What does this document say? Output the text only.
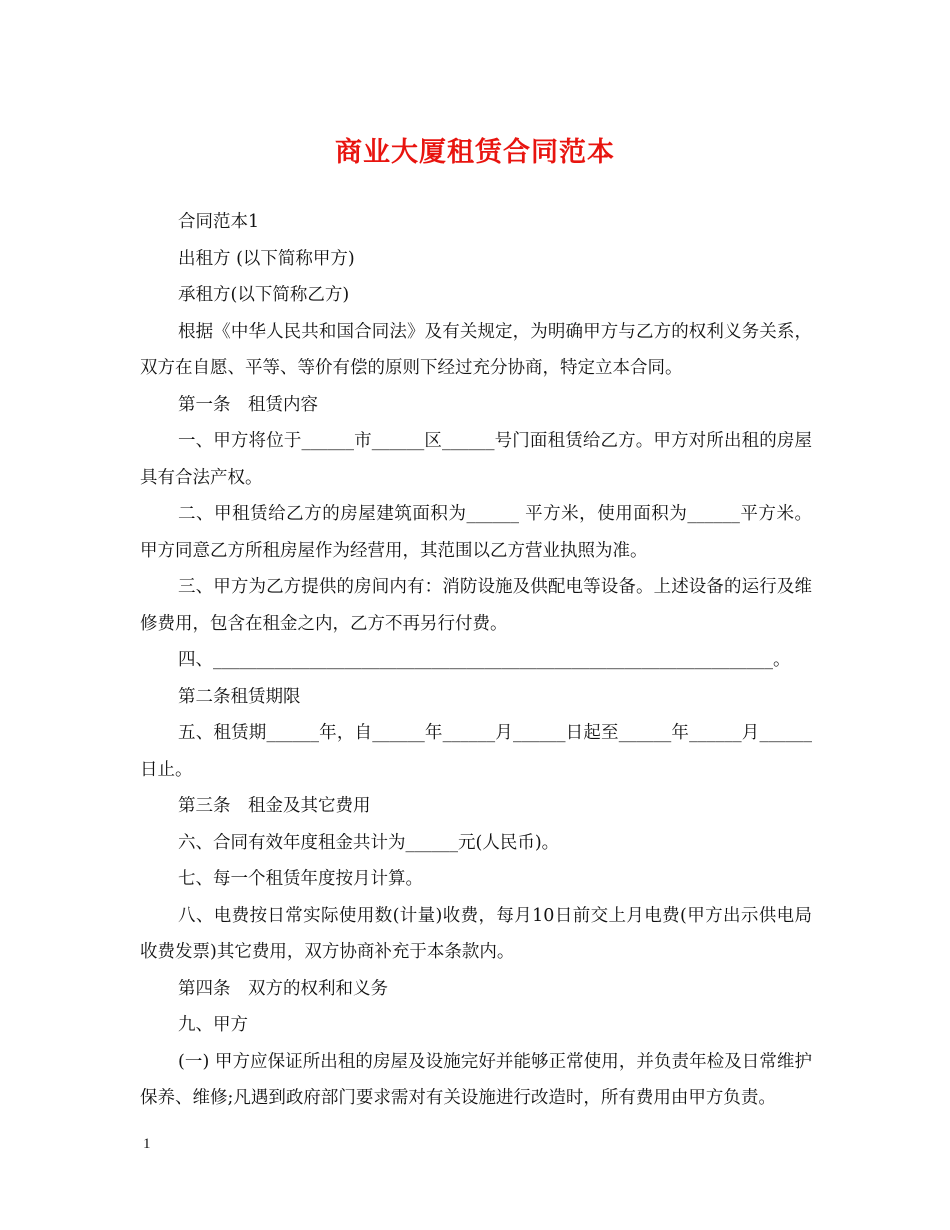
商业大厦租赁合同范本

合同范本1

出租方 (以下简称甲方)

承租方(以下简称乙方)

根据《中华人民共和国合同法》及有关规定，为明确甲方与乙方的权利义务关系，双方在自愿、平等、等价有偿的原则下经过充分协商，特定立本合同。

第一条　租赁内容

一、甲方将位于______市______区______号门面租赁给乙方。甲方对所出租的房屋具有合法产权。

二、甲租赁给乙方的房屋建筑面积为______ 平方米，使用面积为______平方米。甲方同意乙方所租房屋作为经营用，其范围以乙方营业执照为准。

三、甲方为乙方提供的房间内有：消防设施及供配电等设备。上述设备的运行及维修费用，包含在租金之内，乙方不再另行付费。

四、________________________________________________________________。

第二条租赁期限

五、租赁期______年，自______年______月______日起至______年______月______日止。

第三条　租金及其它费用

六、合同有效年度租金共计为______元(人民币)。

七、每一个租赁年度按月计算。

八、电费按日常实际使用数(计量)收费，每月10日前交上月电费(甲方出示供电局收费发票)其它费用，双方协商补充于本条款内。

第四条　双方的权利和义务

九、甲方

(一) 甲方应保证所出租的房屋及设施完好并能够正常使用，并负责年检及日常维护保养、维修;凡遇到政府部门要求需对有关设施进行改造时，所有费用由甲方负责。

1
